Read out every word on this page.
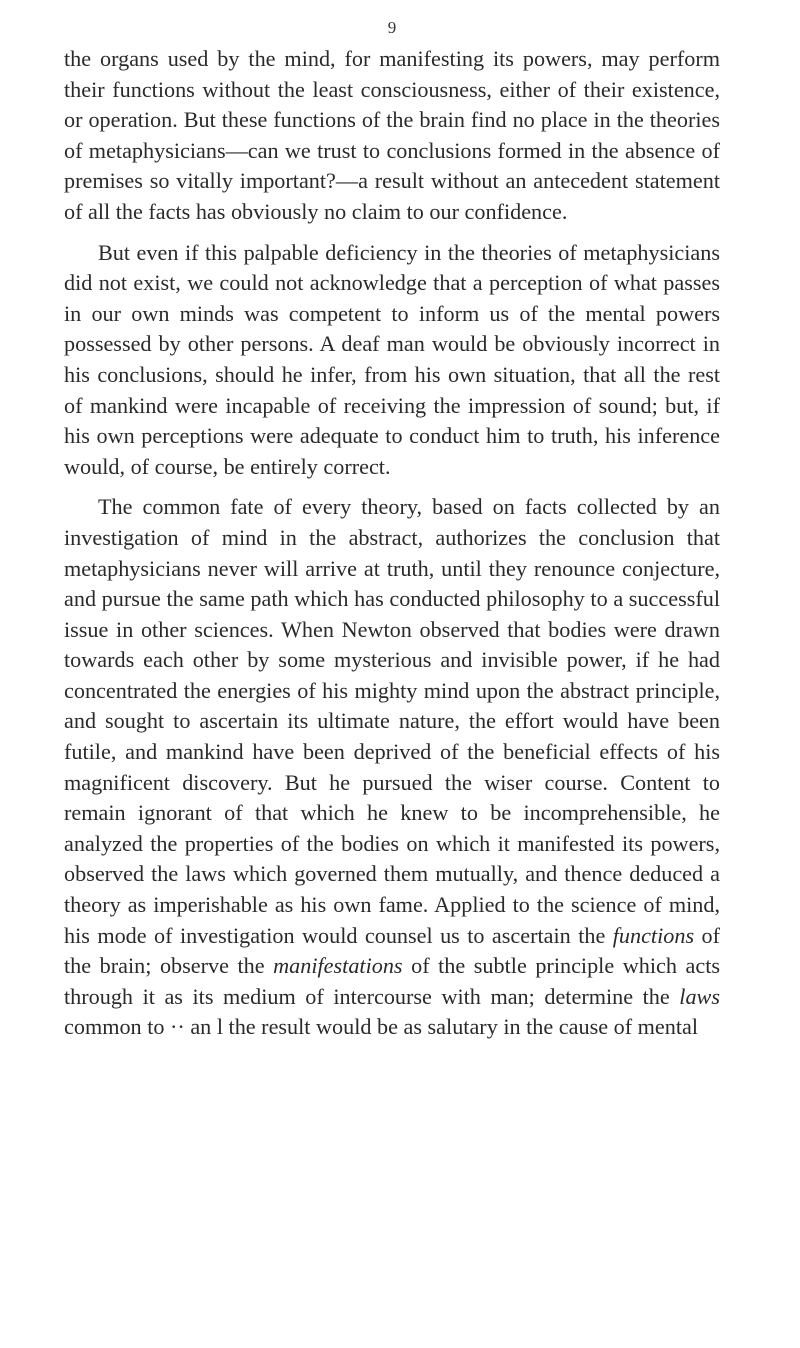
9

the organs used by the mind, for manifesting its powers, may perform their functions without the least consciousness, either of their existence, or operation. But these functions of the brain find no place in the theories of metaphysicians—can we trust to conclusions formed in the absence of premises so vitally important?—a result without an antecedent statement of all the facts has obviously no claim to our confidence.

But even if this palpable deficiency in the theories of metaphysicians did not exist, we could not acknowledge that a perception of what passes in our own minds was competent to inform us of the mental powers possessed by other persons. A deaf man would be obviously incorrect in his conclusions, should he infer, from his own situation, that all the rest of mankind were incapable of receiving the impression of sound; but, if his own perceptions were adequate to conduct him to truth, his inference would, of course, be entirely correct.

The common fate of every theory, based on facts collected by an investigation of mind in the abstract, authorizes the conclusion that metaphysicians never will arrive at truth, until they renounce conjecture, and pursue the same path which has conducted philosophy to a successful issue in other sciences. When Newton observed that bodies were drawn towards each other by some mysterious and invisible power, if he had concentrated the energies of his mighty mind upon the abstract principle, and sought to ascertain its ultimate nature, the effort would have been futile, and mankind have been deprived of the beneficial effects of his magnificent discovery. But he pursued the wiser course. Content to remain ignorant of that which he knew to be incomprehensible, he analyzed the properties of the bodies on which it manifested its powers, observed the laws which governed them mutually, and thence deduced a theory as imperishable as his own fame. Applied to the science of mind, his mode of investigation would counsel us to ascertain the functions of the brain; observe the manifestations of the subtle principle which acts through it as its medium of intercourse with man; determine the laws common to ·· an l the result would be as salutary in the cause of mental
